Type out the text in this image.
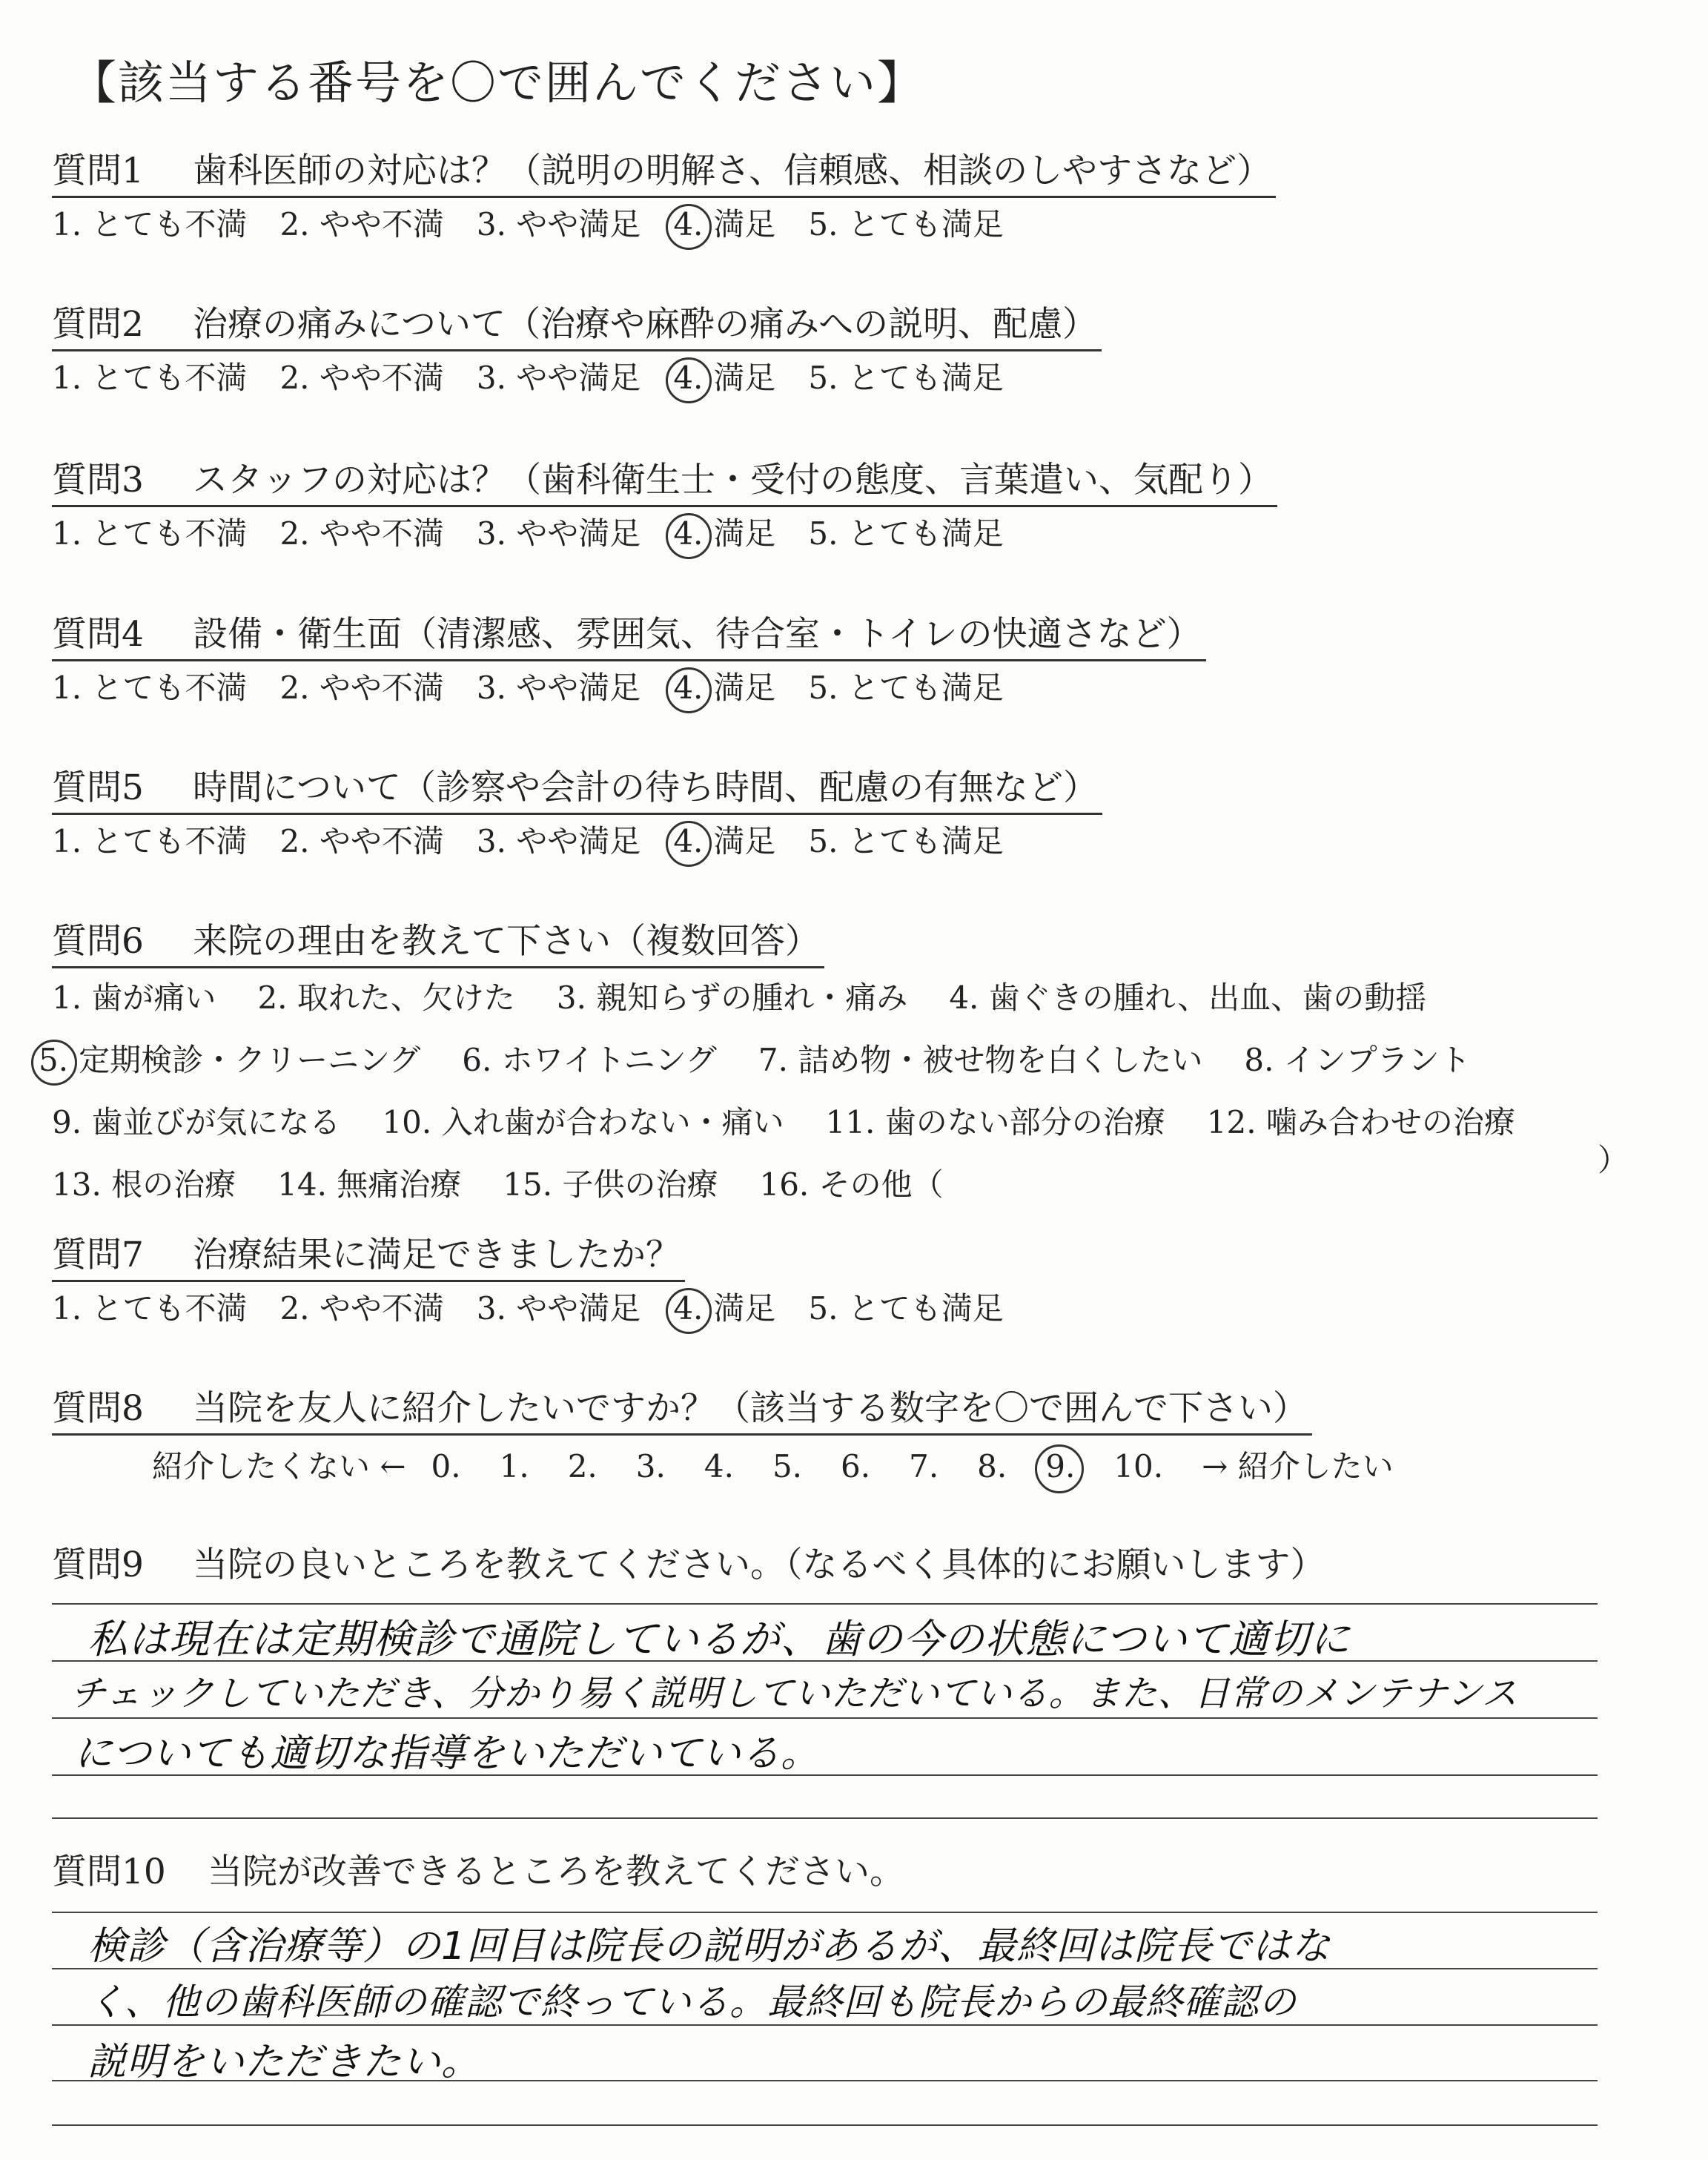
【該当する番号を〇で囲んでください】
質問1 歯科医師の対応は？（説明の明解さ、信頼感、相談のしやすさなど）
1. とても不満 2. やや不満 3. やや満足 4. 満足 5. とても満足
質問2 治療の痛みについて（治療や麻酔の痛みへの説明、配慮）
1. とても不満 2. やや不満 3. やや満足 4. 満足 5. とても満足
質問3 スタッフの対応は？（歯科衛生士・受付の態度、言葉遣い、気配り）
1. とても不満 2. やや不満 3. やや満足 4. 満足 5. とても満足
質問4 設備・衛生面（清潔感、雰囲気、待合室・トイレの快適さなど）
1. とても不満 2. やや不満 3. やや満足 4. 満足 5. とても満足
質問5 時間について（診察や会計の待ち時間、配慮の有無など）
1. とても不満 2. やや不満 3. やや満足 4. 満足 5. とても満足
質問6 来院の理由を教えて下さい（複数回答）
1. 歯が痛い 2. 取れた、欠けた 3. 親知らずの腫れ・痛み 4. 歯ぐきの腫れ、出血、歯の動揺
5. 定期検診・クリーニング 6. ホワイトニング 7. 詰め物・被せ物を白くしたい 8. インプラント
9. 歯並びが気になる 10. 入れ歯が合わない・痛い 11. 歯のない部分の治療 12. 噛み合わせの治療
13. 根の治療 14. 無痛治療 15. 子供の治療 16. その他（
）
質問7 治療結果に満足できましたか？
1. とても不満 2. やや不満 3. やや満足 4. 満足 5. とても満足
質問8 当院を友人に紹介したいですか？（該当する数字を〇で囲んで下さい）
紹介したくない ← 0. 1. 2. 3. 4. 5. 6. 7. 8. 9. 10. → 紹介したい
質問9 当院の良いところを教えてください。（なるべく具体的にお願いします）
私は現在は定期検診で通院しているが、歯の今の状態について適切に
チェックしていただき、分かり易く説明していただいている。また、日常のメンテナンス
についても適切な指導をいただいている。
質問10 当院が改善できるところを教えてください。
検診（含治療等）の1回目は院長の説明があるが、最終回は院長ではな
く、他の歯科医師の確認で終っている。最終回も院長からの最終確認の
説明をいただきたい。
